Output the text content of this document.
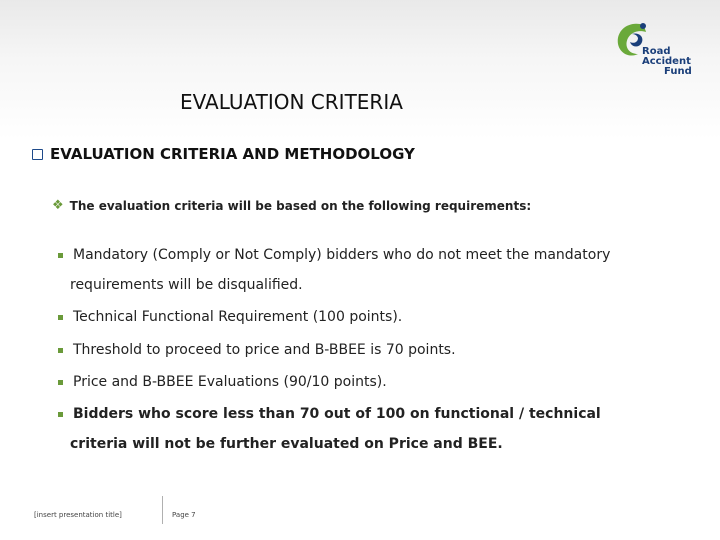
Road
Accident
Fund
EVALUATION CRITERIA
EVALUATION CRITERIA AND METHODOLOGY
❖ The evaluation criteria will be based on the following requirements:
Mandatory (Comply or Not Comply) bidders who do not meet the mandatory
requirements will be disqualified.
Technical Functional Requirement (100 points).
Threshold to proceed to price and B-BBEE is 70 points.
Price and B-BBEE Evaluations (90/10 points).
Bidders who score less than 70 out of 100 on functional / technical
criteria will not be further evaluated on Price and BEE.
[insert presentation title]	Page 7
